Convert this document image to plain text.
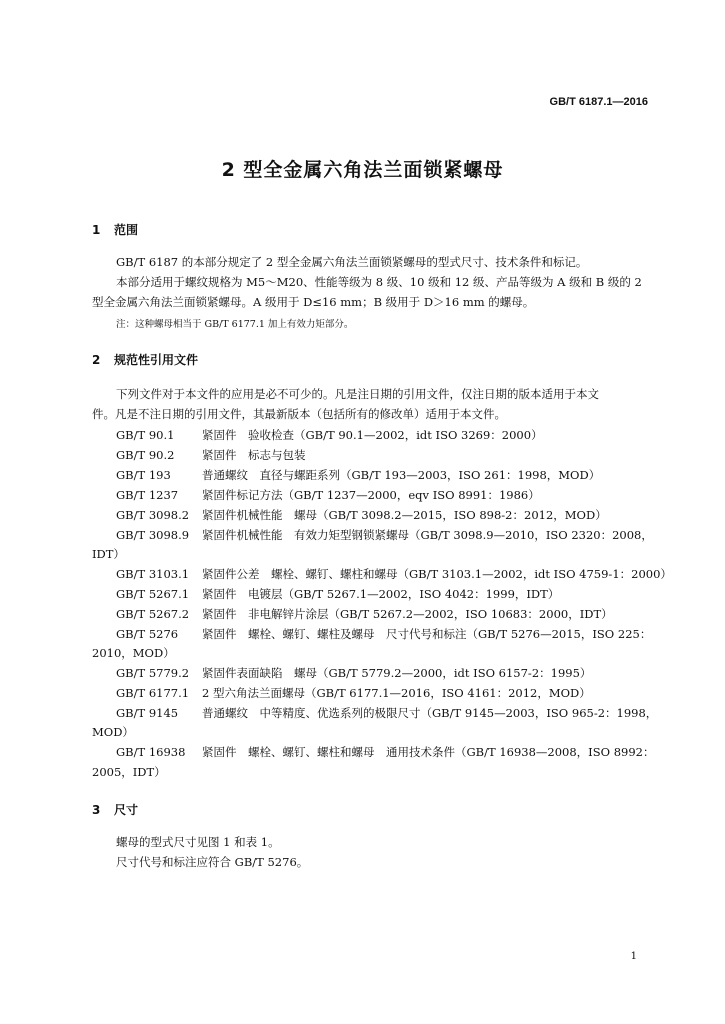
GB/T 6187.1—2016
2 型全金属六角法兰面锁紧螺母
1 范围
GB/T 6187 的本部分规定了 2 型全金属六角法兰面锁紧螺母的型式尺寸、技术条件和标记。
本部分适用于螺纹规格为 M5～M20、性能等级为 8 级、10 级和 12 级、产品等级为 A 级和 B 级的 2
型全金属六角法兰面锁紧螺母。A 级用于 D≤16 mm；B 级用于 D＞16 mm 的螺母。
注：这种螺母相当于 GB/T 6177.1 加上有效力矩部分。
2 规范性引用文件
下列文件对于本文件的应用是必不可少的。凡是注日期的引用文件，仅注日期的版本适用于本文
件。凡是不注日期的引用文件，其最新版本（包括所有的修改单）适用于本文件。
GB/T 90.1 紧固件　验收检查（GB/T 90.1—2002，idt ISO 3269：2000）
GB/T 90.2 紧固件　标志与包装
GB/T 193	普通螺纹　直径与螺距系列（GB/T 193—2003，ISO 261：1998，MOD）
GB/T 1237 紧固件标记方法（GB/T 1237—2000，eqv ISO 8991：1986）
GB/T 3098.2 紧固件机械性能　螺母（GB/T 3098.2—2015，ISO 898-2：2012，MOD）
GB/T 3098.9 紧固件机械性能　有效力矩型钢锁紧螺母（GB/T 3098.9—2010，ISO 2320：2008，
IDT）
GB/T 3103.1 紧固件公差　螺栓、螺钉、螺柱和螺母（GB/T 3103.1—2002，idt ISO 4759-1：2000）
GB/T 5267.1 紧固件　电镀层（GB/T 5267.1—2002，ISO 4042：1999，IDT）
GB/T 5267.2 紧固件　非电解锌片涂层（GB/T 5267.2—2002，ISO 10683：2000，IDT）
GB/T 5276 紧固件　螺栓、螺钉、螺柱及螺母　尺寸代号和标注（GB/T 5276—2015，ISO 225：
2010，MOD）
GB/T 5779.2 紧固件表面缺陷　螺母（GB/T 5779.2—2000，idt ISO 6157-2：1995）
GB/T 6177.1 2 型六角法兰面螺母（GB/T 6177.1—2016，ISO 4161：2012，MOD）
GB/T 9145 普通螺纹　中等精度、优选系列的极限尺寸（GB/T 9145—2003，ISO 965-2：1998，
MOD）
GB/T 16938 紧固件　螺栓、螺钉、螺柱和螺母　通用技术条件（GB/T 16938—2008，ISO 8992：
2005，IDT）
3 尺寸
螺母的型式尺寸见图 1 和表 1。
尺寸代号和标注应符合 GB/T 5276。
1
